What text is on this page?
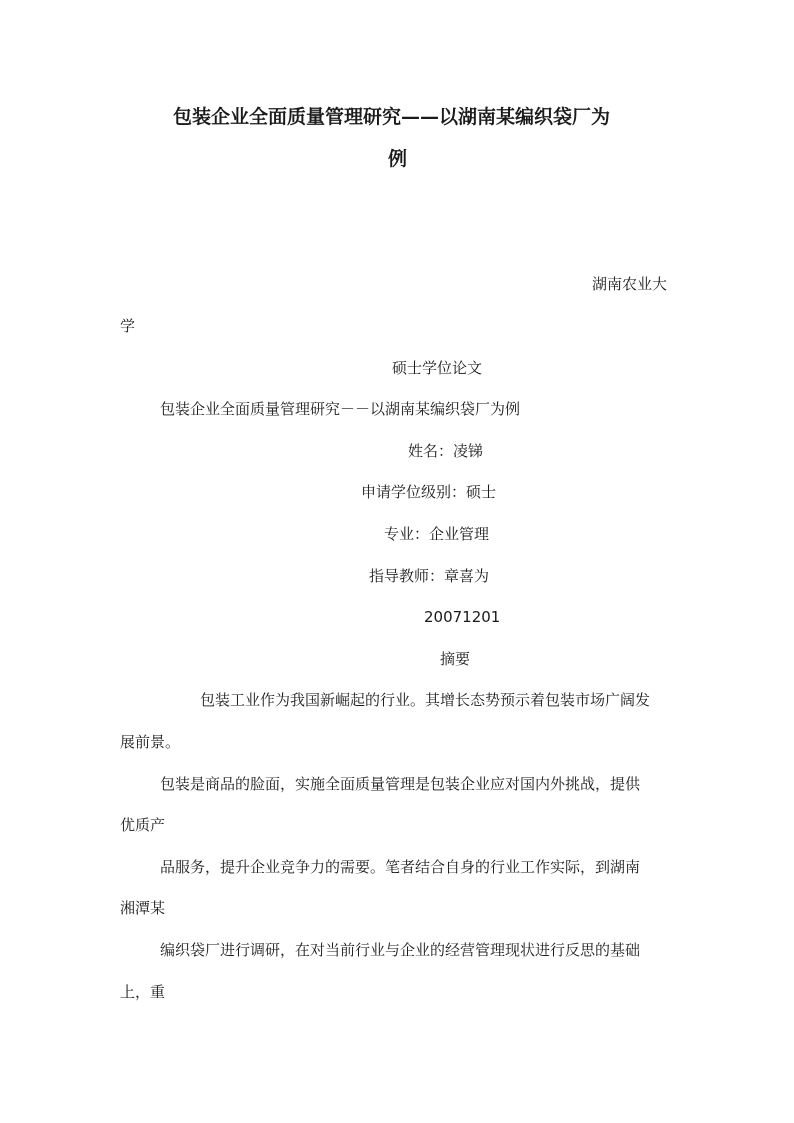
包装企业全面质量管理研究——以湖南某编织袋厂为
例
湖南农业大
学
硕士学位论文
包装企业全面质量管理研究－－以湖南某编织袋厂为例
姓名：凌锑
申请学位级别：硕士
专业：企业管理
指导教师：章喜为
20071201
摘要
包装工业作为我国新崛起的行业。其增长态势预示着包装市场广阔发
展前景。
包装是商品的脸面，实施全面质量管理是包装企业应对国内外挑战，提供
优质产
品服务，提升企业竞争力的需要。笔者结合自身的行业工作实际，到湖南
湘潭某
编织袋厂进行调研，在对当前行业与企业的经营管理现状进行反思的基础
上，重
